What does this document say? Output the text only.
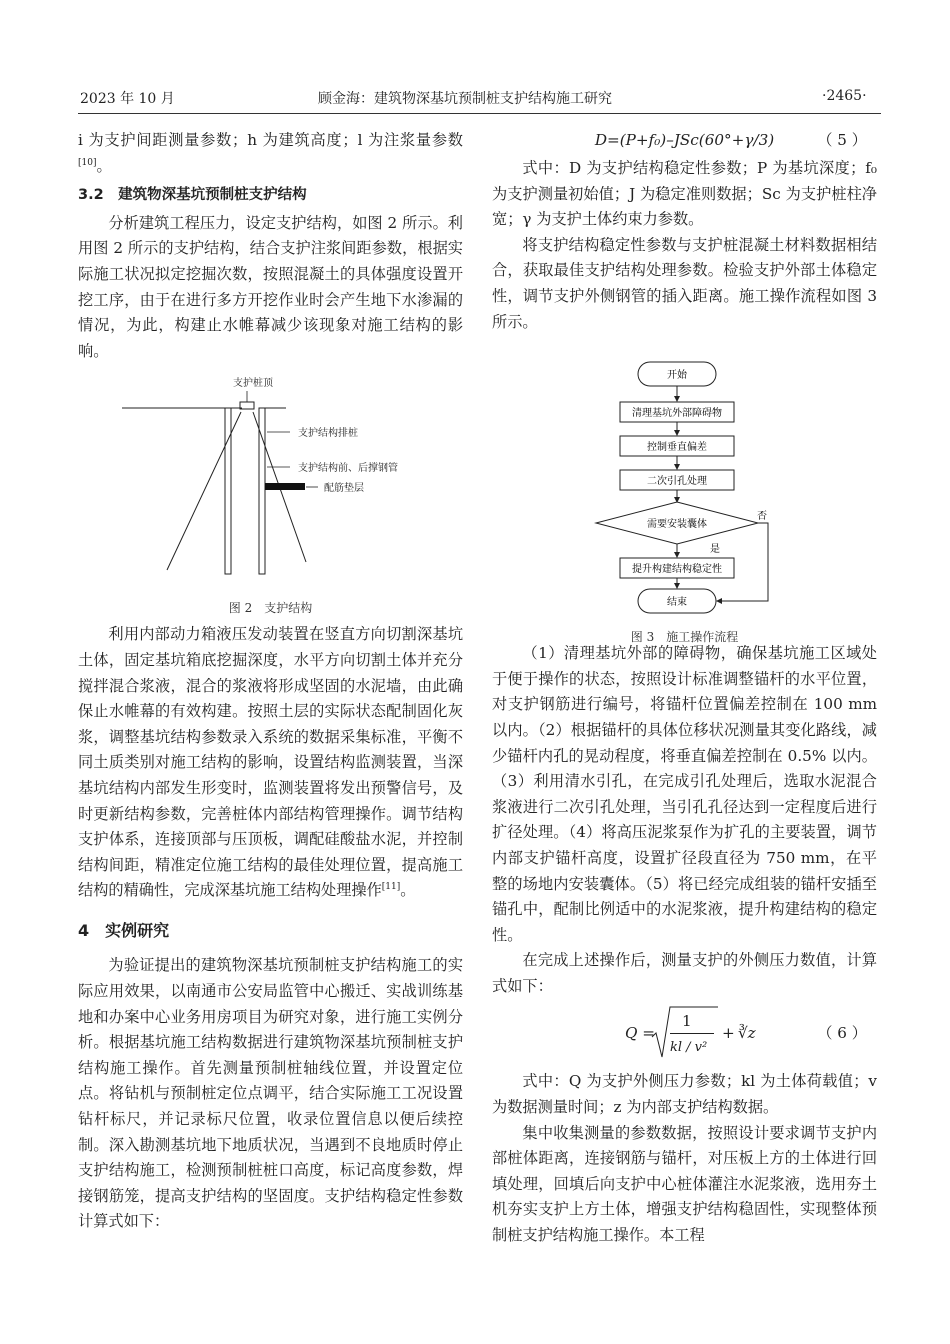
2023 年 10 月	顾金海：建筑物深基坑预制桩支护结构施工研究	·2465·

i 为支护间距测量参数；h 为建筑高度；l 为注浆量参数[10]。

3.2　建筑物深基坑预制桩支护结构

分析建筑工程压力，设定支护结构，如图 2 所示。利用图 2 所示的支护结构，结合支护注浆间距参数，根据实际施工状况拟定挖掘次数，按照混凝土的具体强度设置开挖工序，由于在进行多方开挖作业时会产生地下水渗漏的情况，为此，构建止水帷幕减少该现象对施工结构的影响。

支护桩顶
支护结构排桩
支护结构前、后撑钢管
配筋垫层
图 2　支护结构

利用内部动力箱液压发动装置在竖直方向切割深基坑土体，固定基坑箱底挖掘深度，水平方向切割土体并充分搅拌混合浆液，混合的浆液将形成坚固的水泥墙，由此确保止水帷幕的有效构建。按照土层的实际状态配制固化灰浆，调整基坑结构参数录入系统的数据采集标准，平衡不同土质类别对施工结构的影响，设置结构监测装置，当深基坑结构内部发生形变时，监测装置将发出预警信号，及时更新结构参数，完善桩体内部结构管理操作。调节结构支护体系，连接顶部与压顶板，调配硅酸盐水泥，并控制结构间距，精准定位施工结构的最佳处理位置，提高施工结构的精确性，完成深基坑施工结构处理操作[11]。

4　实例研究

为验证提出的建筑物深基坑预制桩支护结构施工的实际应用效果，以南通市公安局监管中心搬迁、实战训练基地和办案中心业务用房项目为研究对象，进行施工实例分析。根据基坑施工结构数据进行建筑物深基坑预制桩支护结构施工操作。首先测量预制桩轴线位置，并设置定位点。将钻机与预制桩定位点调平，结合实际施工工况设置钻杆标尺，并记录标尺位置，收录位置信息以便后续控制。深入勘测基坑地下地质状况，当遇到不良地质时停止支护结构施工，检测预制桩桩口高度，标记高度参数，焊接钢筋笼，提高支护结构的坚固度。支护结构稳定性参数计算式如下：

D=(P+f₀)–JSc(60°+γ/3)	（ 5 ）

式中：D 为支护结构稳定性参数；P 为基坑深度；f₀ 为支护测量初始值；J 为稳定准则数据；Sc 为支护桩柱净宽；γ 为支护土体约束力参数。

将支护结构稳定性参数与支护桩混凝土材料数据相结合，获取最佳支护结构处理参数。检验支护外部土体稳定性，调节支护外侧钢管的插入距离。施工操作流程如图 3 所示。

开始
清理基坑外部障碍物
控制垂直偏差
二次引孔处理
需要安装囊体
否
是
提升构建结构稳定性
结束
图 3　施工操作流程

（1）清理基坑外部的障碍物，确保基坑施工区域处于便于操作的状态，按照设计标准调整锚杆的水平位置，对支护钢筋进行编号，将锚杆位置偏差控制在 100 mm 以内。（2）根据锚杆的具体位移状况测量其变化路线，减少锚杆内孔的晃动程度，将垂直偏差控制在 0.5% 以内。（3）利用清水引孔，在完成引孔处理后，选取水泥混合浆液进行二次引孔处理，当引孔孔径达到一定程度后进行扩径处理。（4）将高压泥浆泵作为扩孔的主要装置，调节内部支护锚杆高度，设置扩径段直径为 750 mm，在平整的场地内安装囊体。（5）将已经完成组装的锚杆安插至锚孔中，配制比例适中的水泥浆液，提升构建结构的稳定性。

在完成上述操作后，测量支护的外侧压力数值，计算式如下：

Q =
1
kl / v²
+ ∛z	（ 6 ）

式中：Q 为支护外侧压力参数；kl 为土体荷载值；v 为数据测量时间；z 为内部支护结构数据。

集中收集测量的参数数据，按照设计要求调节支护内部桩体距离，连接钢筋与锚杆，对压板上方的土体进行回填处理，回填后向支护中心桩体灌注水泥浆液，选用夯土机夯实支护上方土体，增强支护结构稳固性，实现整体预制桩支护结构施工操作。本工程
